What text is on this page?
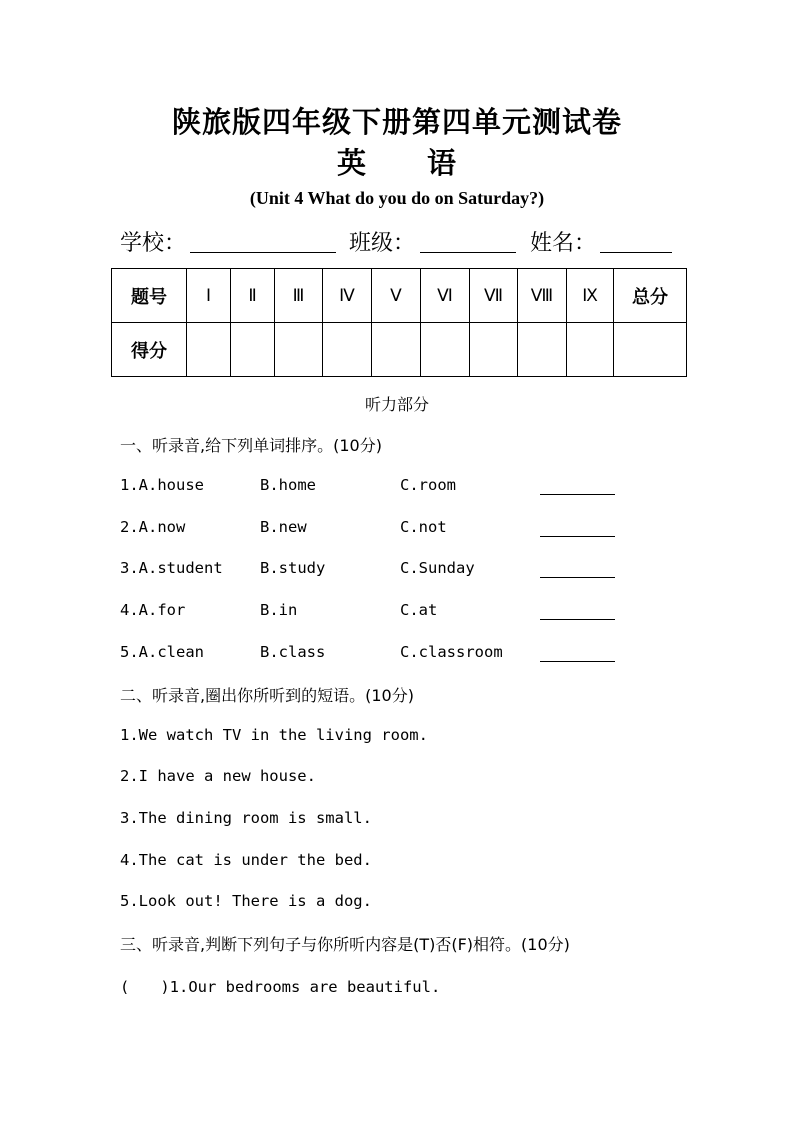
陕旅版四年级下册第四单元测试卷
英　　语
(Unit 4 What do you do on Saturday?)
学校：	班级：	姓名：
题号	Ⅰ	Ⅱ	Ⅲ	Ⅳ	Ⅴ	Ⅵ	Ⅶ	Ⅷ	Ⅸ	总分
得分										
听力部分
一、听录音,给下列单词排序。(10分)
1.A.house	B.home	C.room
2.A.now	B.new	C.not
3.A.student B.study	C.Sunday
4.A.for	B.in	C.at
5.A.clean	B.class	C.classroom
二、听录音,圈出你所听到的短语。(10分)
1.We watch TV in the living room.
2.I have a new house.
3.The dining room is small.
4.The cat is under the bed.
5.Look out! There is a dog.
三、听录音,判断下列句子与你所听内容是(T)否(F)相符。(10分)
(　　)1.Our bedrooms are beautiful.
